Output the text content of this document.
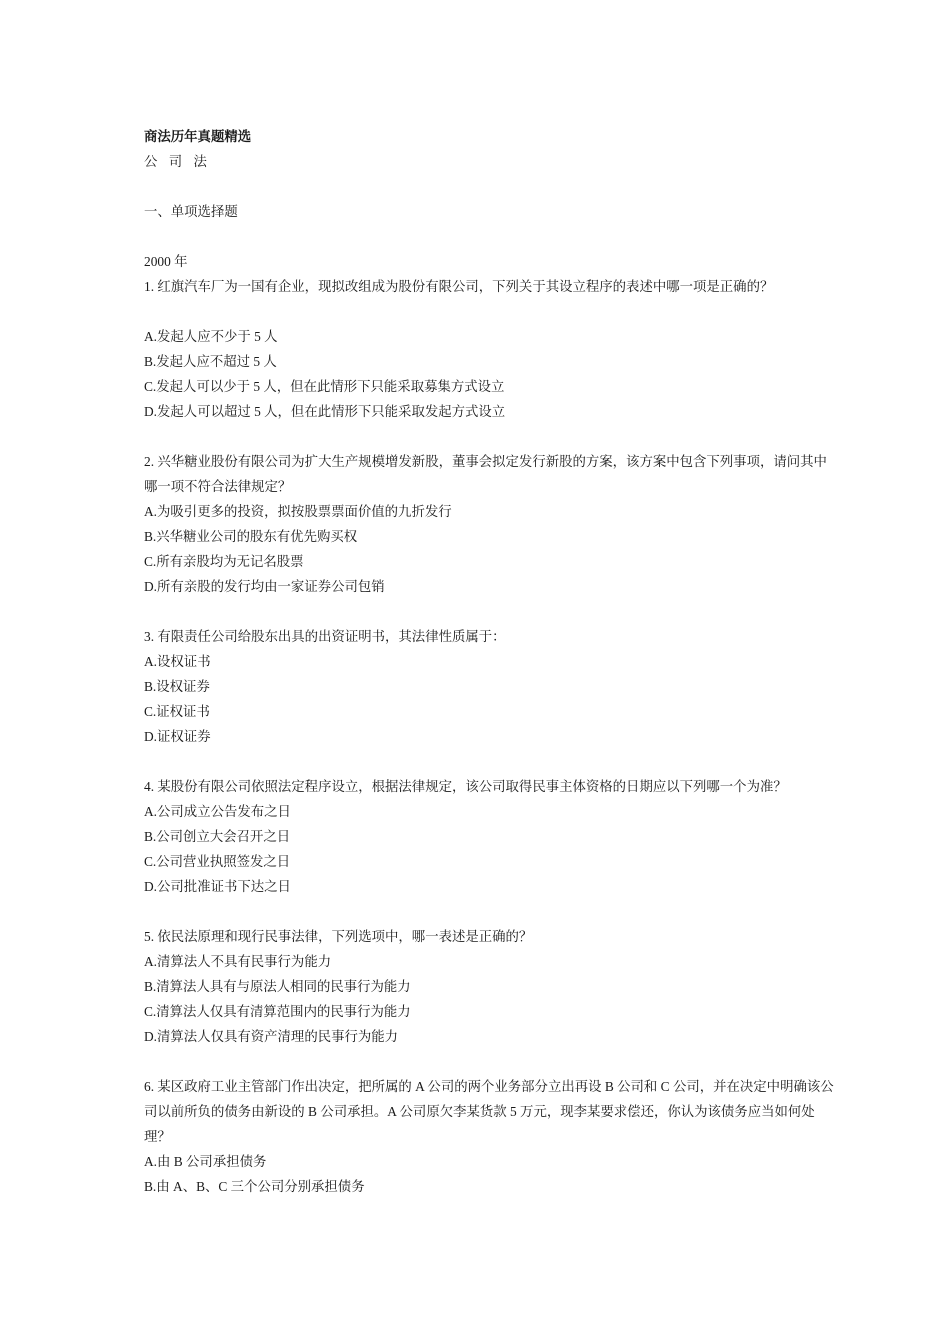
商法历年真题精选
公 司 法
一、单项选择题
2000 年
1. 红旗汽车厂为一国有企业，现拟改组成为股份有限公司，下列关于其设立程序的表述中哪一项是正确的？
A.发起人应不少于 5 人
B.发起人应不超过 5 人
C.发起人可以少于 5 人，但在此情形下只能采取募集方式设立
D.发起人可以超过 5 人，但在此情形下只能采取发起方式设立
2. 兴华糖业股份有限公司为扩大生产规模增发新股，董事会拟定发行新股的方案，该方案中包含下列事项，请问其中哪一项不符合法律规定？
A.为吸引更多的投资，拟按股票票面价值的九折发行
B.兴华糖业公司的股东有优先购买权
C.所有亲股均为无记名股票
D.所有亲股的发行均由一家证券公司包销
3. 有限责任公司给股东出具的出资证明书，其法律性质属于：
A.设权证书
B.设权证券
C.证权证书
D.证权证券
4. 某股份有限公司依照法定程序设立，根据法律规定，该公司取得民事主体资格的日期应以下列哪一个为准？
A.公司成立公告发布之日
B.公司创立大会召开之日
C.公司营业执照签发之日
D.公司批准证书下达之日
5. 依民法原理和现行民事法律，下列选项中，哪一表述是正确的？
A.清算法人不具有民事行为能力
B.清算法人具有与原法人相同的民事行为能力
C.清算法人仅具有清算范围内的民事行为能力
D.清算法人仅具有资产清理的民事行为能力
6. 某区政府工业主管部门作出决定，把所属的 A 公司的两个业务部分立出再设 B 公司和 C 公司，并在决定中明确该公司以前所负的债务由新设的 B 公司承担。A 公司原欠李某货款 5 万元，现李某要求偿还，你认为该债务应当如何处理？
A.由 B 公司承担债务
B.由 A、B、C 三个公司分别承担债务
